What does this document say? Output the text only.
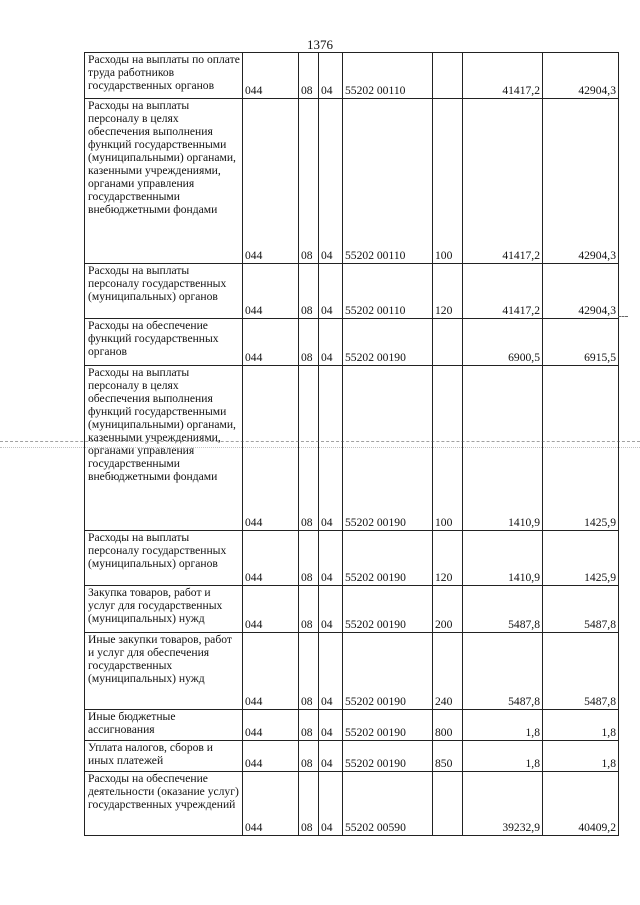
1376
Расходы на выплаты по оплате труда работников государственных органов	044	08	04	55202 00110		41417,2	42904,3
Расходы на выплаты персоналу в целях обеспечения выполнения функций государственными (муниципальными) органами, казенными учреждениями, органами управления государственными внебюджетными фондами	044	08	04	55202 00110	100	41417,2	42904,3
Расходы на выплаты персоналу государственных (муниципальных) органов	044	08	04	55202 00110	120	41417,2	42904,3
Расходы на обеспечение функций государственных органов	044	08	04	55202 00190		6900,5	6915,5
Расходы на выплаты персоналу в целях обеспечения выполнения функций государственными (муниципальными) органами, казенными учреждениями, органами управления государственными внебюджетными фондами	044	08	04	55202 00190	100	1410,9	1425,9
Расходы на выплаты персоналу государственных (муниципальных) органов	044	08	04	55202 00190	120	1410,9	1425,9
Закупка товаров, работ и услуг для государственных (муниципальных) нужд	044	08	04	55202 00190	200	5487,8	5487,8
Иные закупки товаров, работ и услуг для обеспечения государственных (муниципальных) нужд	044	08	04	55202 00190	240	5487,8	5487,8
Иные бюджетные ассигнования	044	08	04	55202 00190	800	1,8	1,8
Уплата налогов, сборов и иных платежей	044	08	04	55202 00190	850	1,8	1,8
Расходы на обеспечение деятельности (оказание услуг) государственных учреждений	044	08	04	55202 00590		39232,9	40409,2
